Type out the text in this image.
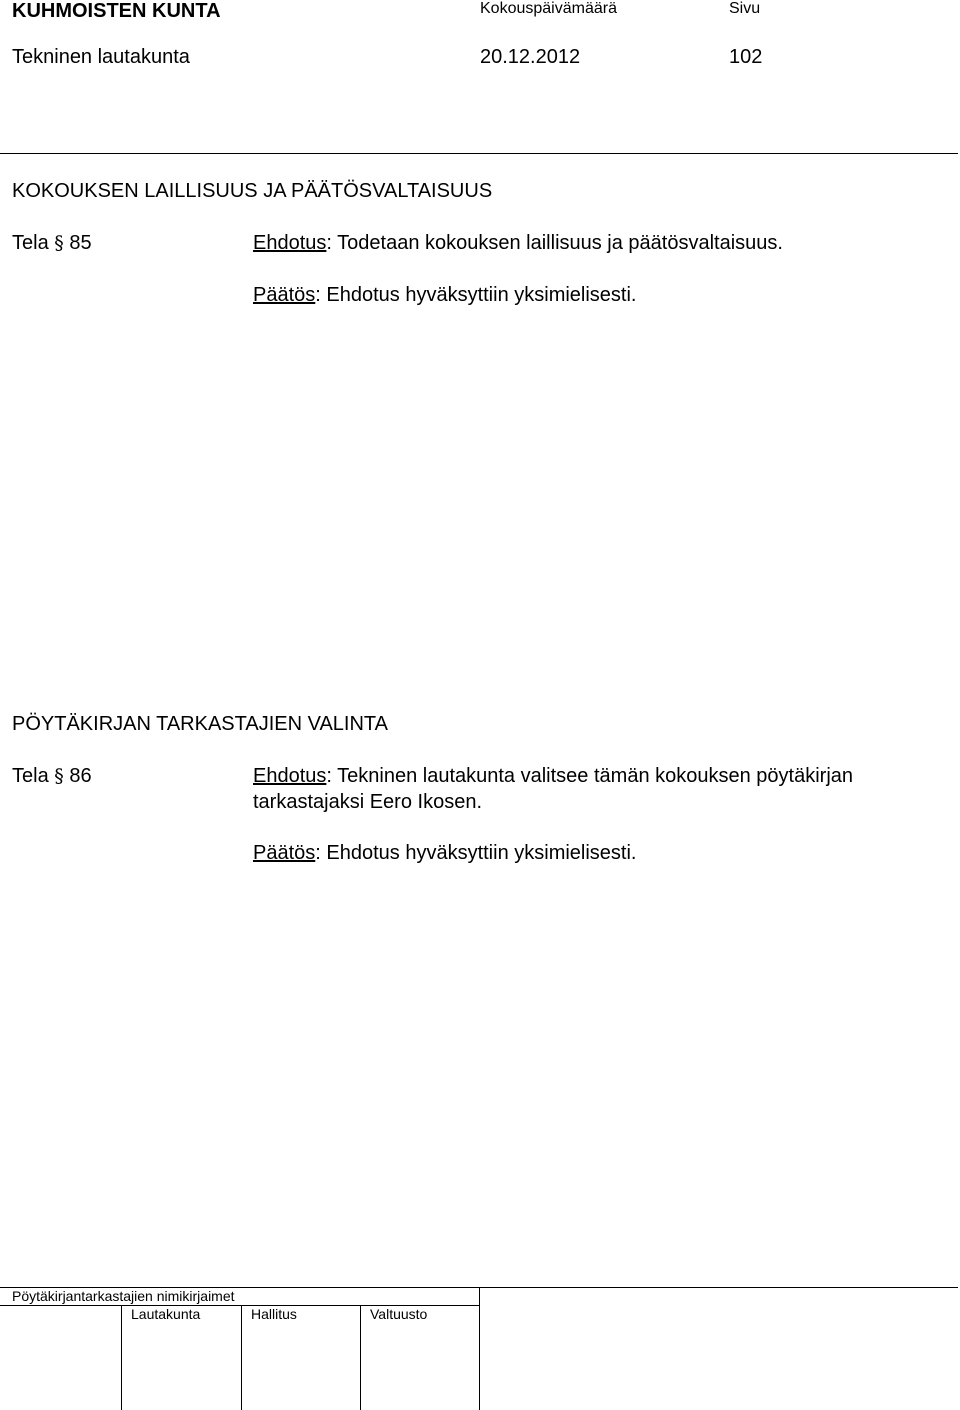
KUHMOISTEN KUNTA	Kokouspäivämäärä	Sivu
Tekninen lautakunta	20.12.2012	102
KOKOUKSEN LAILLISUUS JA PÄÄTÖSVALTAISUUS
Tela § 85	Ehdotus: Todetaan kokouksen laillisuus ja päätösvaltaisuus.
Päätös: Ehdotus hyväksyttiin yksimielisesti.
PÖYTÄKIRJAN TARKASTAJIEN VALINTA
Tela § 86	Ehdotus: Tekninen lautakunta valitsee tämän kokouksen pöytäkirjan
tarkastajaksi Eero Ikosen.
Päätös: Ehdotus hyväksyttiin yksimielisesti.
Pöytäkirjantarkastajien nimikirjaimet
Lautakunta	Hallitus	Valtuusto
